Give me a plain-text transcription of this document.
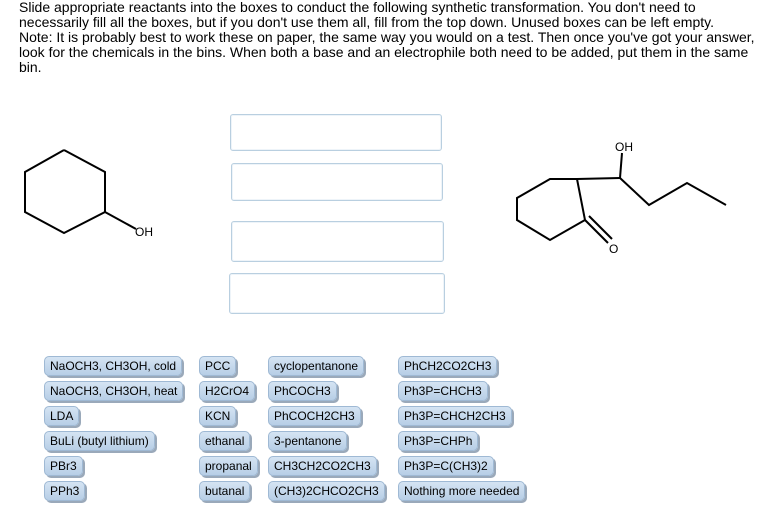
Slide appropriate reactants into the boxes to conduct the following synthetic transformation. You don't need to necessarily fill all the boxes, but if you don't use them all, fill from the top down. Unused boxes can be left empty.

Note: It is probably best to work these on paper, the same way you would on a test. Then once you've got your answer, look for the chemicals in the bins. When both a base and an electrophile both need to be added, put them in the same bin.

OH
OH
O
NaOCH3, CH3OH, cold
NaOCH3, CH3OH, heat
LDA
BuLi (butyl lithium)
PBr3
PPh3
PCC
H2CrO4
KCN
ethanal
propanal
butanal
cyclopentanone
PhCOCH3
PhCOCH2CH3
3-pentanone
CH3CH2CO2CH3
(CH3)2CHCO2CH3
PhCH2CO2CH3
Ph3P=CHCH3
Ph3P=CHCH2CH3
Ph3P=CHPh
Ph3P=C(CH3)2
Nothing more needed
